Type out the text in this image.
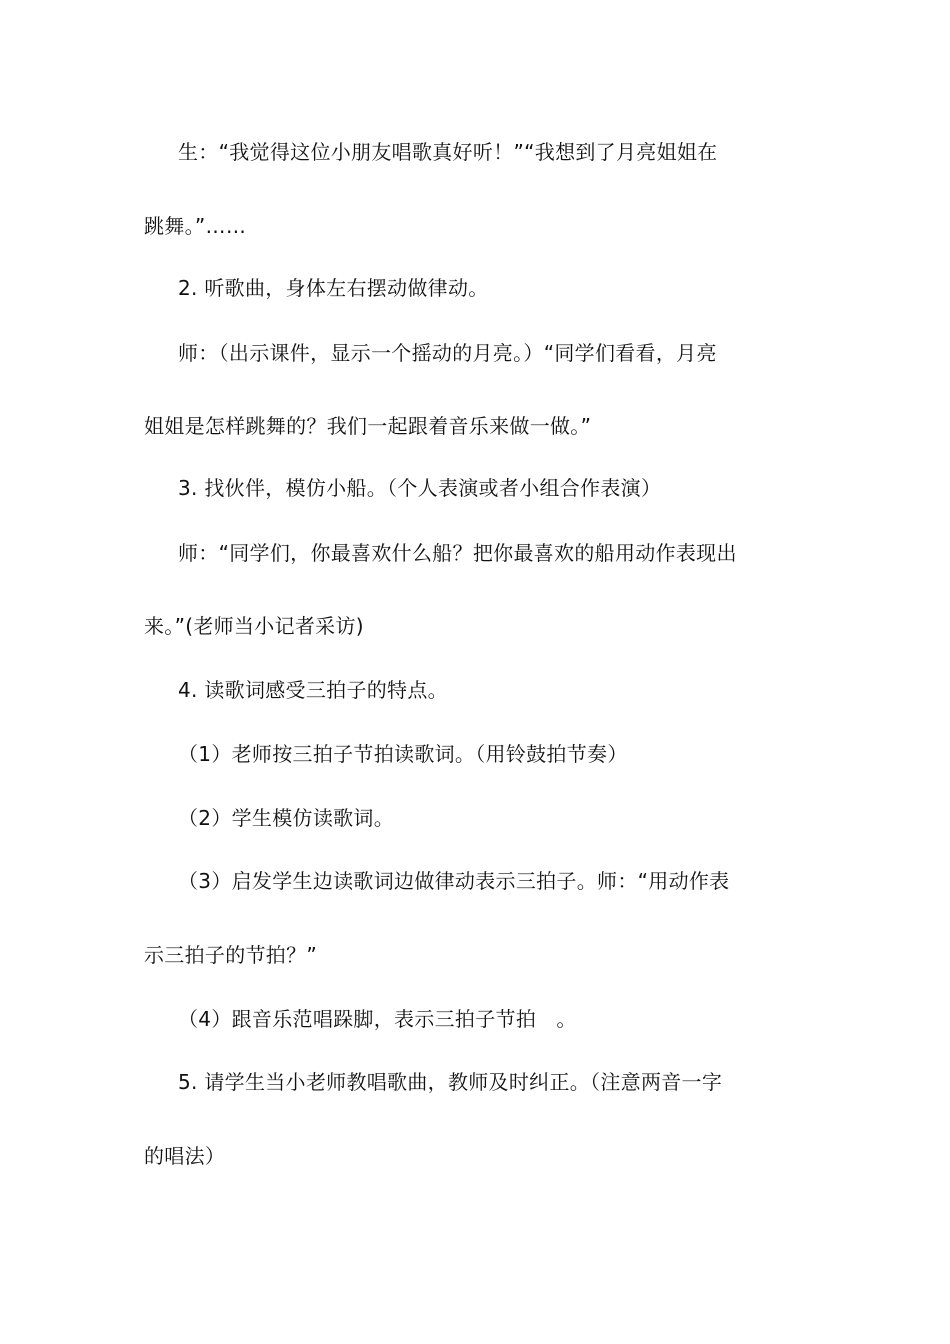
生：“我觉得这位小朋友唱歌真好听！”“我想到了月亮姐姐在
跳舞。”……
2. 听歌曲，身体左右摆动做律动。
师：（出示课件，显示一个摇动的月亮。）“同学们看看，月亮
姐姐是怎样跳舞的？我们一起跟着音乐来做一做。”
3. 找伙伴，模仿小船。（个人表演或者小组合作表演）
师：“同学们，你最喜欢什么船？把你最喜欢的船用动作表现出
来。”(老师当小记者采访)
4. 读歌词感受三拍子的特点。
（1）老师按三拍子节拍读歌词。（用铃鼓拍节奏）
（2）学生模仿读歌词。
（3）启发学生边读歌词边做律动表示三拍子。师：“用动作表
示三拍子的节拍？”
（4）跟音乐范唱跺脚，表示三拍子节拍　。
5. 请学生当小老师教唱歌曲，教师及时纠正。（注意两音一字
的唱法）
